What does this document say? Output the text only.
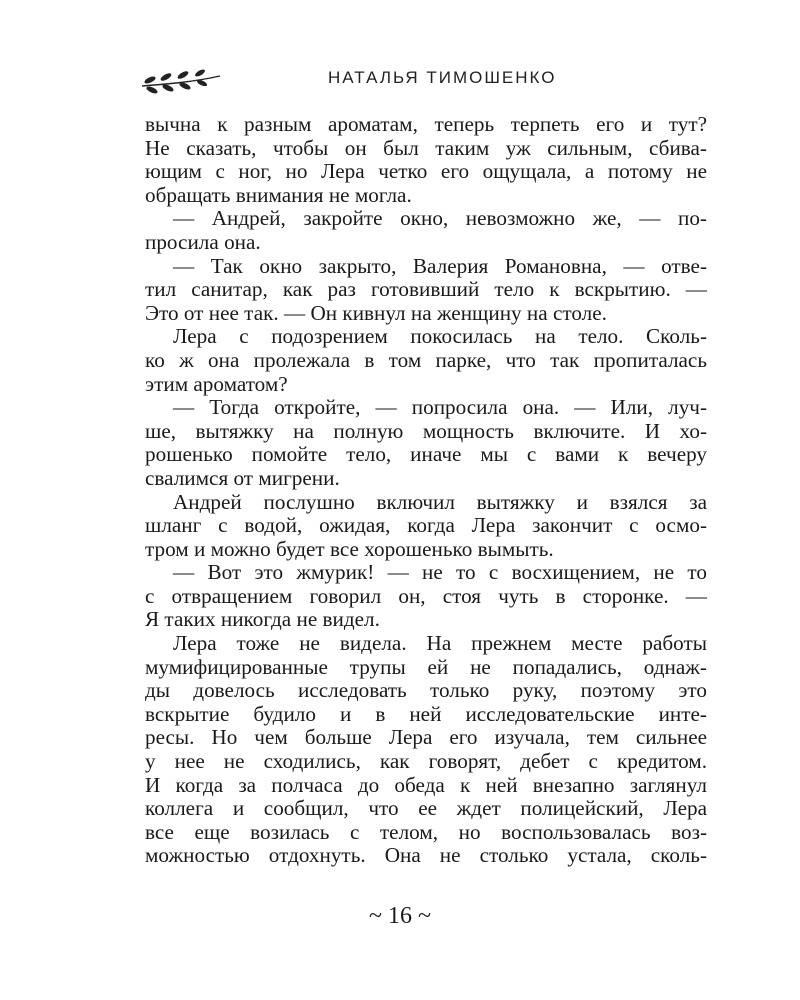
НАТАЛЬЯ ТИМОШЕНКО
вычна к разным ароматам, теперь терпеть его и тут?
Не сказать, чтобы он был таким уж сильным, сбива-
ющим с ног, но Лера четко его ощущала, а потому не
обращать внимания не могла.
— Андрей, закройте окно, невозможно же, — по-
просила она.
— Так окно закрыто, Валерия Романовна, — отве-
тил санитар, как раз готовивший тело к вскрытию. —
Это от нее так. — Он кивнул на женщину на столе.
Лера с подозрением покосилась на тело. Сколь-
ко ж она пролежала в том парке, что так пропиталась
этим ароматом?
— Тогда откройте, — попросила она. — Или, луч-
ше, вытяжку на полную мощность включите. И хо-
рошенько помойте тело, иначе мы с вами к вечеру
свалимся от мигрени.
Андрей послушно включил вытяжку и взялся за
шланг с водой, ожидая, когда Лера закончит с осмо-
тром и можно будет все хорошенько вымыть.
— Вот это жмурик! — не то с восхищением, не то
с отвращением говорил он, стоя чуть в сторонке. —
Я таких никогда не видел.
Лера тоже не видела. На прежнем месте работы
мумифицированные трупы ей не попадались, однаж-
ды довелось исследовать только руку, поэтому это
вскрытие будило и в ней исследовательские инте-
ресы. Но чем больше Лера его изучала, тем сильнее
у нее не сходились, как говорят, дебет с кредитом.
И когда за полчаса до обеда к ней внезапно заглянул
коллега и сообщил, что ее ждет полицейский, Лера
все еще возилась с телом, но воспользовалась воз-
можностью отдохнуть. Она не столько устала, сколь-
~ 16 ~
